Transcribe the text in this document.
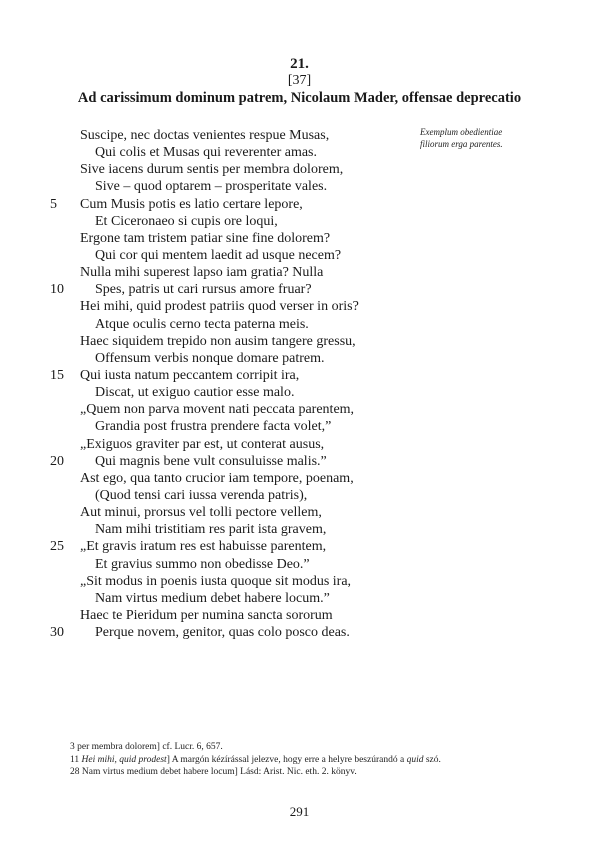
21.
[37]
Ad carissimum dominum patrem, Nicolaum Mader, offensae deprecatio
Exemplum obedientiae
filiorum erga parentes.
Suscipe, nec doctas venientes respue Musas,
Qui colis et Musas qui reverenter amas.
Sive iacens durum sentis per membra dolorem,
Sive – quod optarem – prosperitate vales.
5	Cum Musis potis es latio certare lepore,
Et Ciceronaeo si cupis ore loqui,
Ergone tam tristem patiar sine fine dolorem?
Qui cor qui mentem laedit ad usque necem?
Nulla mihi superest lapso iam gratia? Nulla
10	Spes, patris ut cari rursus amore fruar?
Hei mihi, quid prodest patriis quod verser in oris?
Atque oculis cerno tecta paterna meis.
Haec siquidem trepido non ausim tangere gressu,
Offensum verbis nonque domare patrem.
15	Qui iusta natum peccantem corripit ira,
Discat, ut exiguo cautior esse malo.
„Quem non parva movent nati peccata parentem,
Grandia post frustra prendere facta volet,”
„Exiguos graviter par est, ut conterat ausus,
20	Qui magnis bene vult consuluisse malis.”
Ast ego, qua tanto crucior iam tempore, poenam,
(Quod tensi cari iussa verenda patris),
Aut minui, prorsus vel tolli pectore vellem,
Nam mihi tristitiam res parit ista gravem,
25	„Et gravis iratum res est habuisse parentem,
Et gravius summo non obedisse Deo.”
„Sit modus in poenis iusta quoque sit modus ira,
Nam virtus medium debet habere locum.”
Haec te Pieridum per numina sancta sororum
30	Perque novem, genitor, quas colo posco deas.
3 per membra dolorem] cf. Lucr. 6, 657.
11 Hei mihi, quid prodest] A margón kézírással jelezve, hogy erre a helyre beszúrandó a quid szó.
28 Nam virtus medium debet habere locum] Lásd: Arist. Nic. eth. 2. könyv.
291
